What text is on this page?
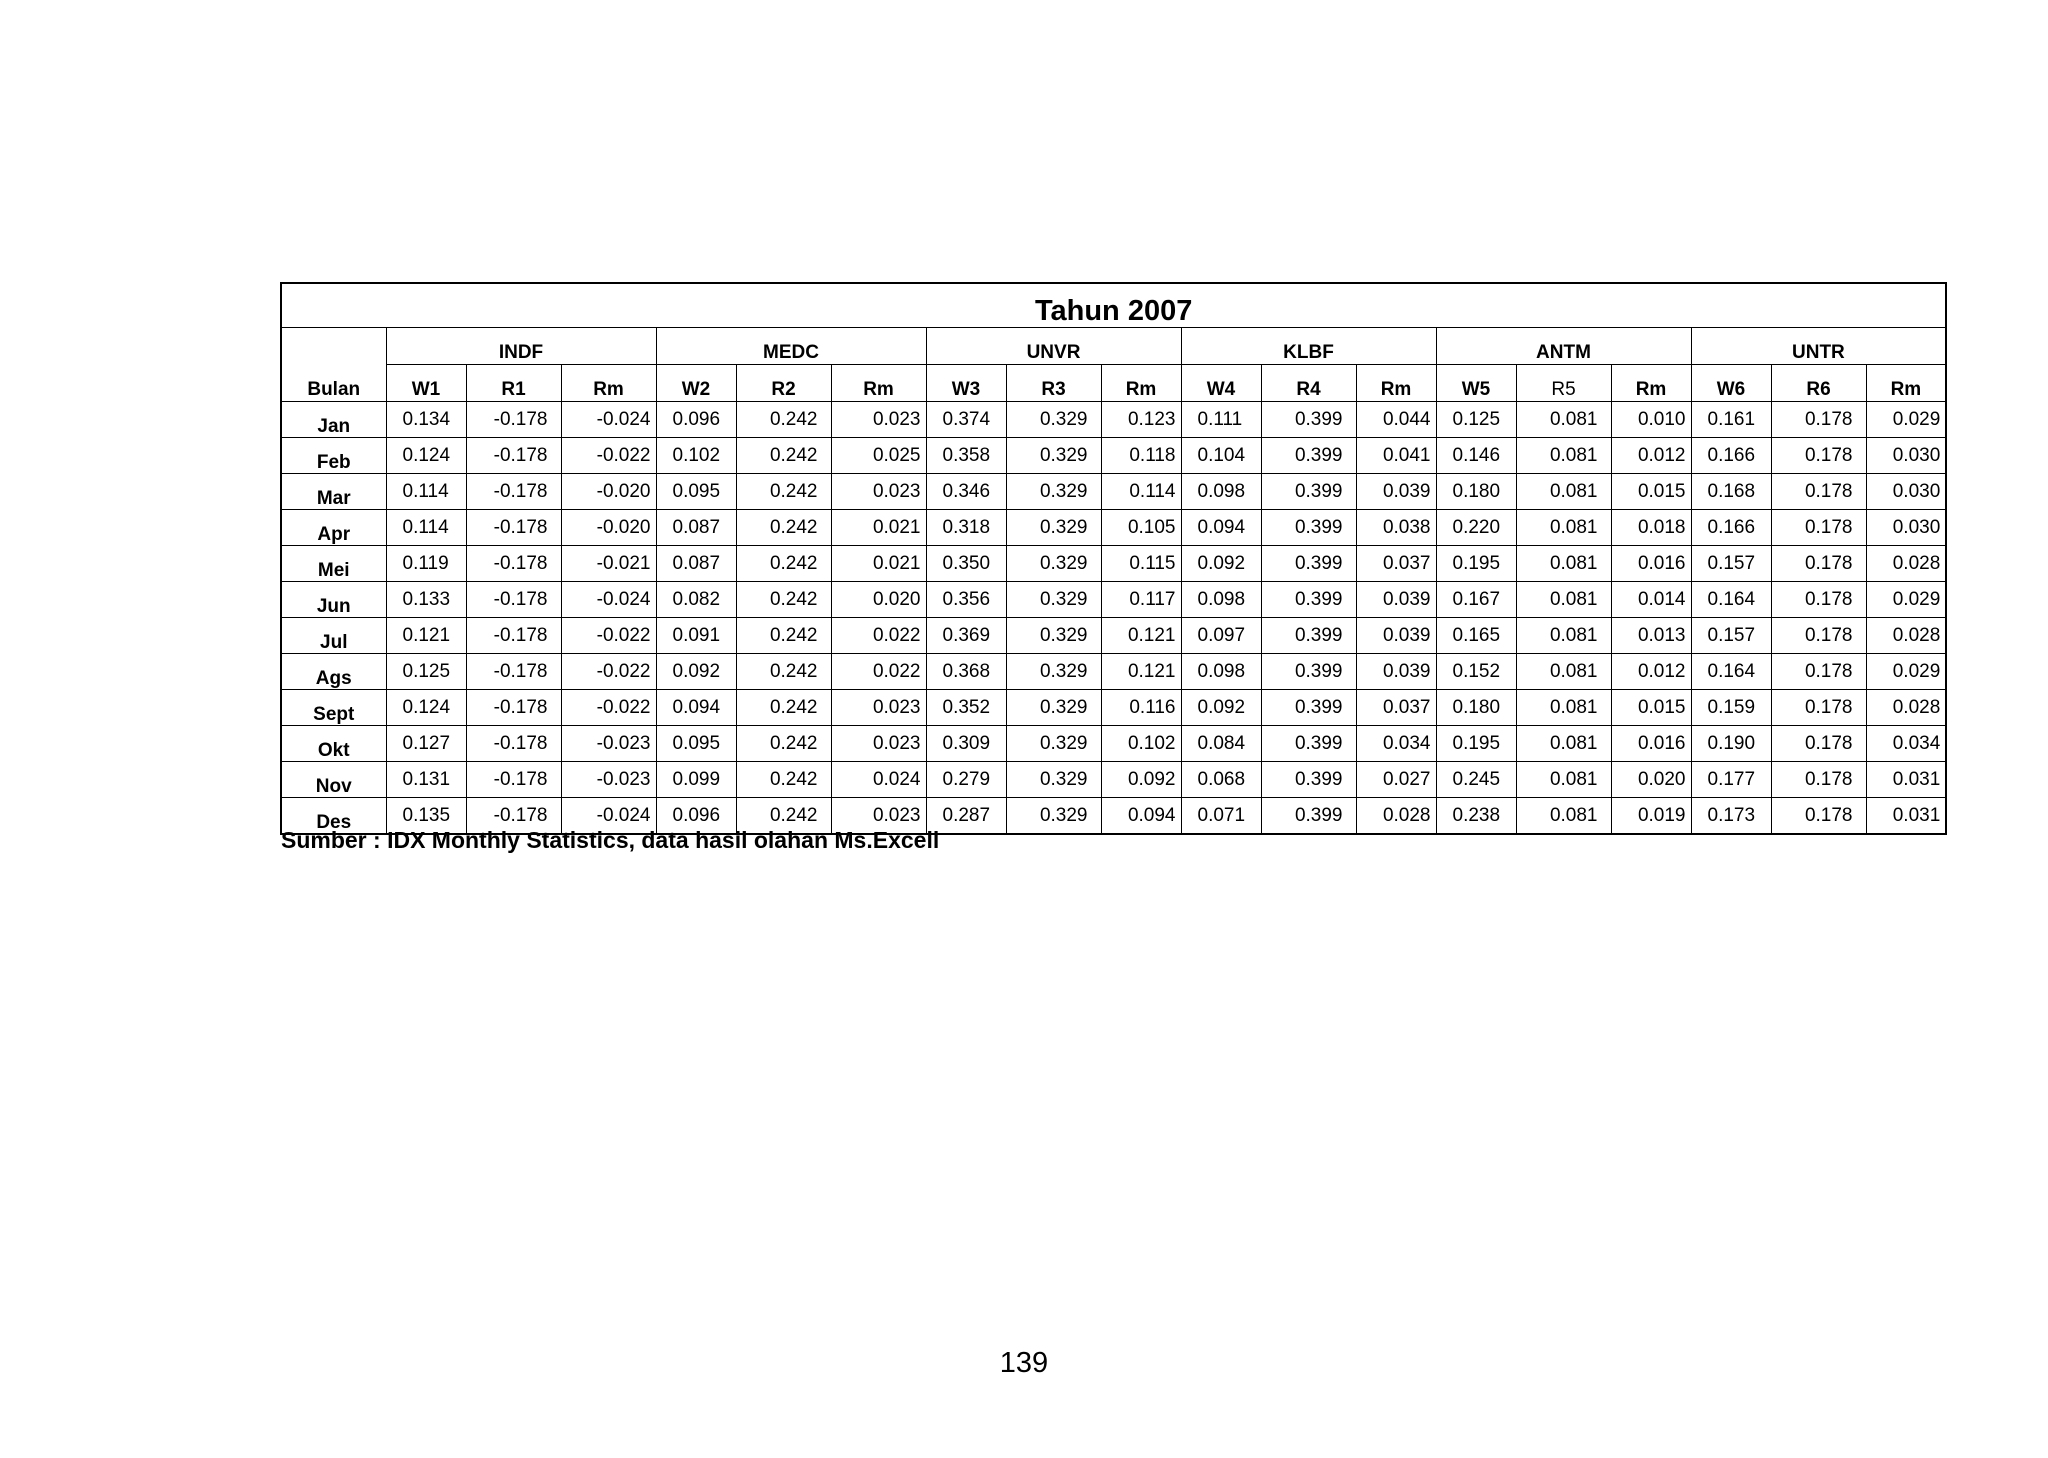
Tahun 2007																		
	INDF			MEDC			UNVR			KLBF			ANTM			UNTR		
Bulan	W1	R1	Rm	W2	R2	Rm	W3	R3	Rm	W4	R4	Rm	W5	R5	Rm	W6	R6	Rm
Jan	0.134	-0.178	-0.024	0.096	0.242	0.023	0.374	0.329	0.123	0.111	0.399	0.044	0.125	0.081	0.010	0.161	0.178	0.029
Feb	0.124	-0.178	-0.022	0.102	0.242	0.025	0.358	0.329	0.118	0.104	0.399	0.041	0.146	0.081	0.012	0.166	0.178	0.030
Mar	0.114	-0.178	-0.020	0.095	0.242	0.023	0.346	0.329	0.114	0.098	0.399	0.039	0.180	0.081	0.015	0.168	0.178	0.030
Apr	0.114	-0.178	-0.020	0.087	0.242	0.021	0.318	0.329	0.105	0.094	0.399	0.038	0.220	0.081	0.018	0.166	0.178	0.030
Mei	0.119	-0.178	-0.021	0.087	0.242	0.021	0.350	0.329	0.115	0.092	0.399	0.037	0.195	0.081	0.016	0.157	0.178	0.028
Jun	0.133	-0.178	-0.024	0.082	0.242	0.020	0.356	0.329	0.117	0.098	0.399	0.039	0.167	0.081	0.014	0.164	0.178	0.029
Jul	0.121	-0.178	-0.022	0.091	0.242	0.022	0.369	0.329	0.121	0.097	0.399	0.039	0.165	0.081	0.013	0.157	0.178	0.028
Ags	0.125	-0.178	-0.022	0.092	0.242	0.022	0.368	0.329	0.121	0.098	0.399	0.039	0.152	0.081	0.012	0.164	0.178	0.029
Sept	0.124	-0.178	-0.022	0.094	0.242	0.023	0.352	0.329	0.116	0.092	0.399	0.037	0.180	0.081	0.015	0.159	0.178	0.028
Okt	0.127	-0.178	-0.023	0.095	0.242	0.023	0.309	0.329	0.102	0.084	0.399	0.034	0.195	0.081	0.016	0.190	0.178	0.034
Nov	0.131	-0.178	-0.023	0.099	0.242	0.024	0.279	0.329	0.092	0.068	0.399	0.027	0.245	0.081	0.020	0.177	0.178	0.031
Des	0.135	-0.178	-0.024	0.096	0.242	0.023	0.287	0.329	0.094	0.071	0.399	0.028	0.238	0.081	0.019	0.173	0.178	0.031

Sumber : IDX Monthly Statistics, data hasil olahan Ms.Excell

139
